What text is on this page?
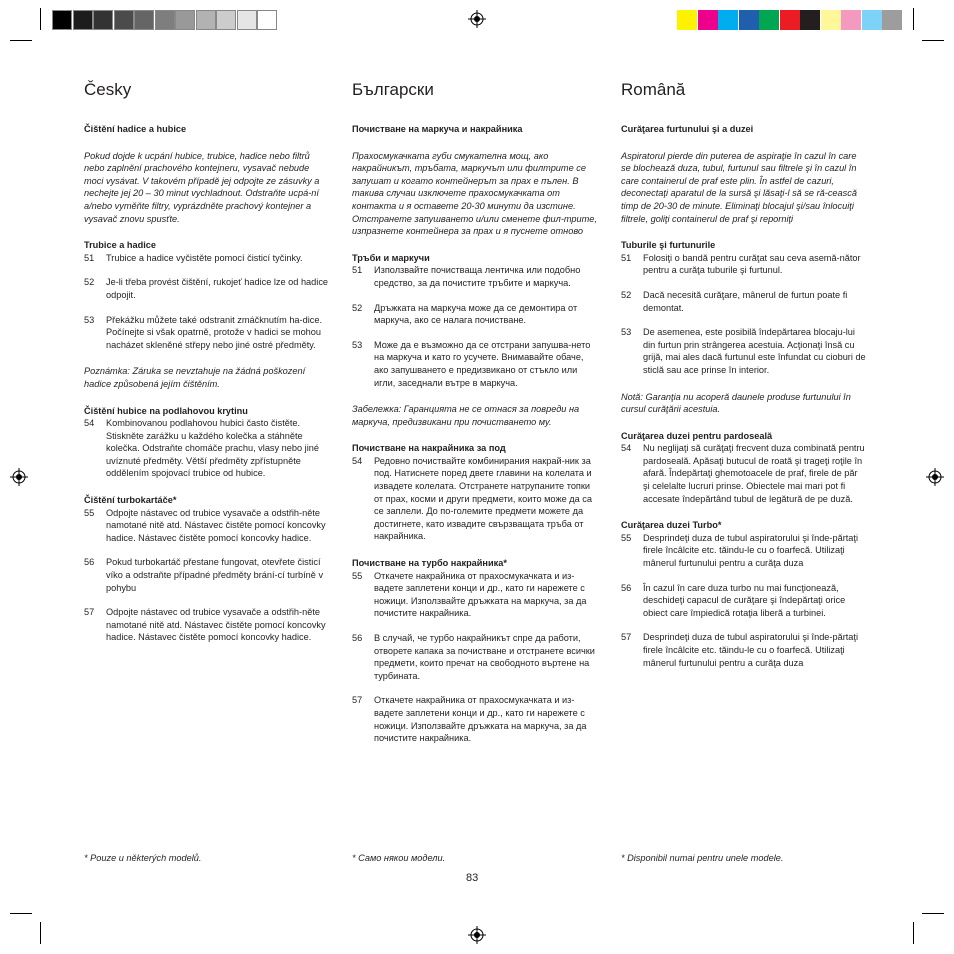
Česky

Čištění hadice a hubice

Pokud dojde k ucpání hubice, trubice, hadice nebo filtrů nebo zaplnění prachového kontejneru, vysavač nebude moci vysávat. V takovém případě jej odpojte ze zásuvky a nechejte jej 20 – 30 minut vychladnout. Odstraňte ucpá-ní a/nebo vyměňte filtry, vyprázdněte prachový kontejner a vysavač znovu spusťte.

Trubice a hadice

51	Trubice a hadice vyčistěte pomocí čisticí tyčinky.
52	Je-li třeba provést čištění, rukojeť hadice lze od hadice odpojit.
53	Překážku můžete také odstranit zmáčknutím ha-dice. Počínejte si však opatrně, protože v hadici se mohou nacházet skleněné střepy nebo jiné ostré předměty.

Poznámka: Záruka se nevztahuje na žádná poškození hadice způsobená jejím čištěním.

Čištění hubice na podlahovou krytinu

54	Kombinovanou podlahovou hubici často čistěte. Stiskněte zarážku u každého kolečka a stáhněte kolečka. Odstraňte chomáče prachu, vlasy nebo jiné uvíznuté předměty. Větší předměty zpřístupněte oddělením spojovací trubice od hubice.

Čištění turbokartáče*

55	Odpojte nástavec od trubice vysavače a odstřih-něte namotané nitě atd. Nástavec čistěte pomocí koncovky hadice. Nástavec čistěte pomocí koncovky hadice.
56	Pokud turbokartáč přestane fungovat, otevřete čisticí víko a odstraňte případné předměty brání-cí turbíně v pohybu
57	Odpojte nástavec od trubice vysavače a odstřih-něte namotané nitě atd. Nástavec čistěte pomocí koncovky hadice. Nástavec čistěte pomocí koncovky hadice.
* Pouze u některých modelů.
Български

Почистване на маркуча и накрайника

Прахосмукачката губи смукателна мощ, ако накрайникът, тръбата, маркучът или филтрите се запушат и когато контейнерът за прах е пълен. В такива случаи изключете прахосмукачката от контакта и я оставете 20-30 минути да изстине. Отстранете запушването и/или сменете фил-трите, изпразнете контейнера за прах и я пуснете отново

Тръби и маркучи

51	Използвайте почистваща лентичка или подобно средство, за да почистите тръбите и маркуча.
52	Дръжката на маркуча може да се демонтира от маркуча, ако се налага почистване.
53	Може да е възможно да се отстрани запушва-нето на маркуча и като го усучете. Внимавайте обаче, ако запушването е предизвикано от стъкло или игли, заседнали вътре в маркуча.

Забележка: Гаранцията не се отнася за повреди на маркуча, предизвикани при почистването му.

Почистване на накрайника за под

54	Редовно почиствайте комбинирания накрай-ник за под. Натиснете поред двете главини на колелата и извадете колелата. Отстранете натрупаните топки от прах, косми и други предмети, които може да са се заплели. До по-големите предмети можете да достигнете, като извадите свързващата тръба от накрайника.

Почистване на турбо накрайника*

55	Откачете накрайника от прахосмукачката и из-вадете заплетени конци и др., като ги нарежете с ножици. Използвайте дръжката на маркуча, за да почистите накрайника.
56	В случай, че турбо накрайникът спре да работи, отворете капака за почистване и отстранете всички предмети, които пречат на свободното въртене на турбината.
57	Откачете накрайника от прахосмукачката и из-вадете заплетени конци и др., като ги нарежете с ножици. Използвайте дръжката на маркуча, за да почистите накрайника.
* Само някои модели.
Română

Curăţarea furtunului şi a duzei

Aspiratorul pierde din puterea de aspiraţie în cazul în care se blochează duza, tubul, furtunul sau filtrele şi în cazul în care containerul de praf este plin. În astfel de cazuri, deconectaţi aparatul de la sursă şi lăsaţi-l să se ră-cească timp de 20-30 de minute. Eliminaţi blocajul şi/sau înlocuiţi filtrele, goliţi containerul de praf şi reporniţi

Tuburile şi furtunurile

51	Folosiţi o bandă pentru curăţat sau ceva asemă-nător pentru a curăţa tuburile şi furtunul.
52	Dacă necesită curăţare, mânerul de furtun poate fi demontat.
53	De asemenea, este posibilă îndepărtarea blocaju-lui din furtun prin strângerea acestuia. Acţionaţi însă cu grijă, mai ales dacă furtunul este înfundat cu cioburi de sticlă sau ace prinse în interior.

Notă: Garanţia nu acoperă daunele produse furtunului în cursul curăţării acestuia.

Curăţarea duzei pentru pardoseală

54	Nu neglijaţi să curăţaţi frecvent duza combinată pentru pardoseală. Apăsaţi butucul de roată şi trageţi roţile în afară. Îndepărtaţi ghemotoacele de praf, firele de păr şi celelalte lucruri prinse. Obiectele mai mari pot fi accesate îndepărtând tubul de legătură de pe duză.

Curăţarea duzei Turbo*

55	Desprindeţi duza de tubul aspiratorului şi înde-părtaţi firele încâlcite etc. tăindu-le cu o foarfecă. Utilizaţi mânerul furtunului pentru a curăţa duza
56	În cazul în care duza turbo nu mai funcţionează, deschideţi capacul de curăţare şi îndepărtaţi orice obiect care împiedică rotaţia liberă a turbinei.
57	Desprindeţi duza de tubul aspiratorului şi înde-părtaţi firele încâlcite etc. tăindu-le cu o foarfecă. Utilizaţi mânerul furtunului pentru a curăţa duza
* Disponibil numai pentru unele modele.
83
